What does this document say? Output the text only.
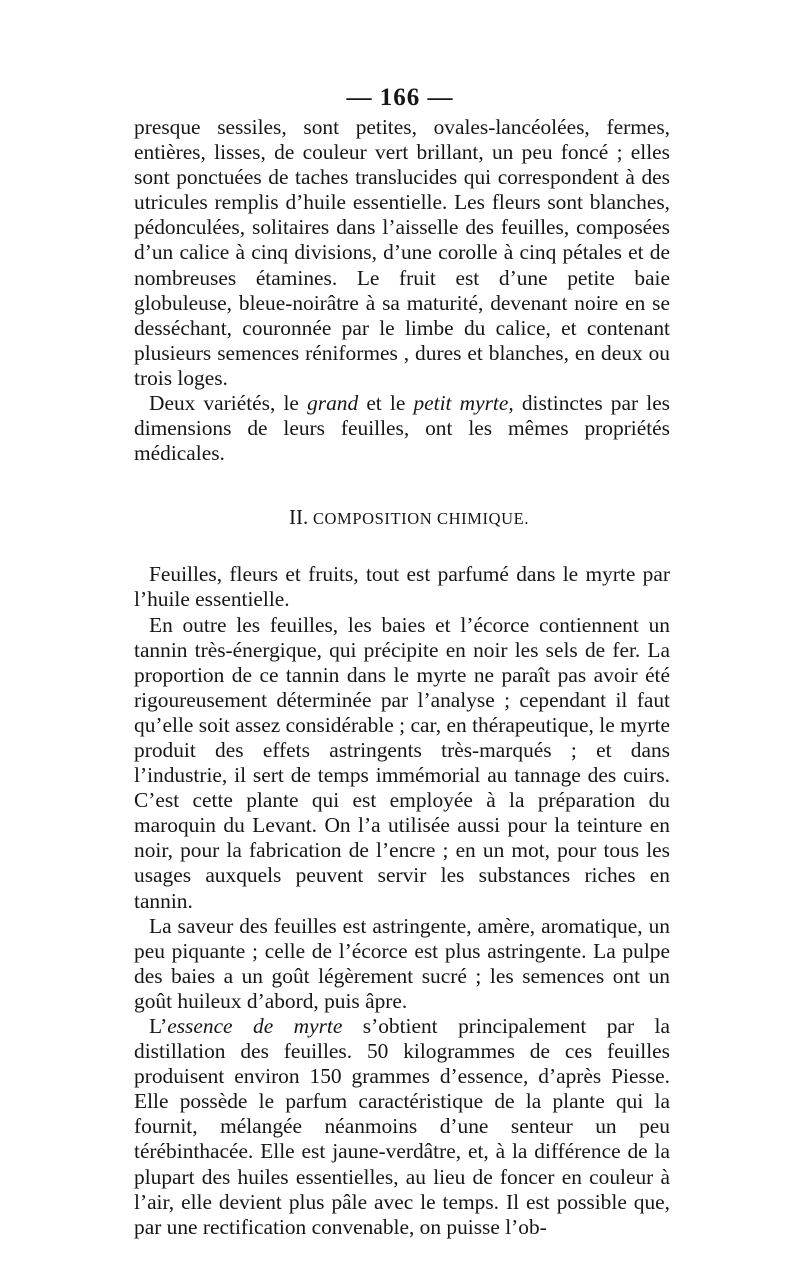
— 166 —

presque sessiles, sont petites, ovales-lancéolées, fermes, entières, lisses, de couleur vert brillant, un peu foncé ; elles sont ponctuées de taches translucides qui correspondent à des utricules remplis d’huile essentielle. Les fleurs sont blanches, pédonculées, solitaires dans l’aisselle des feuilles, composées d’un calice à cinq divisions, d’une corolle à cinq pétales et de nombreuses étamines. Le fruit est d’une petite baie globuleuse, bleue-noirâtre à sa maturité, devenant noire en se desséchant, couronnée par le limbe du calice, et contenant plusieurs semences réniformes , dures et blanches, en deux ou trois loges.

Deux variétés, le grand et le petit myrte, distinctes par les dimensions de leurs feuilles, ont les mêmes propriétés médicales.

II. COMPOSITION CHIMIQUE.

Feuilles, fleurs et fruits, tout est parfumé dans le myrte par l’huile essentielle.

En outre les feuilles, les baies et l’écorce contiennent un tannin très-énergique, qui précipite en noir les sels de fer. La proportion de ce tannin dans le myrte ne paraît pas avoir été rigoureusement déterminée par l’analyse ; cependant il faut qu’elle soit assez considérable ; car, en thérapeutique, le myrte produit des effets astringents très-marqués ; et dans l’industrie, il sert de temps immémorial au tannage des cuirs. C’est cette plante qui est employée à la préparation du maroquin du Levant. On l’a utilisée aussi pour la teinture en noir, pour la fabrication de l’encre ; en un mot, pour tous les usages auxquels peuvent servir les substances riches en tannin.

La saveur des feuilles est astringente, amère, aromatique, un peu piquante ; celle de l’écorce est plus astringente. La pulpe des baies a un goût légèrement sucré ; les semences ont un goût huileux d’abord, puis âpre.

L’essence de myrte s’obtient principalement par la distillation des feuilles. 50 kilogrammes de ces feuilles produisent environ 150 grammes d’essence, d’après Piesse. Elle possède le parfum caractéristique de la plante qui la fournit, mélangée néanmoins d’une senteur un peu térébinthacée. Elle est jaune-verdâtre, et, à la différence de la plupart des huiles essentielles, au lieu de foncer en couleur à l’air, elle devient plus pâle avec le temps. Il est possible que, par une rectification convenable, on puisse l’ob-
